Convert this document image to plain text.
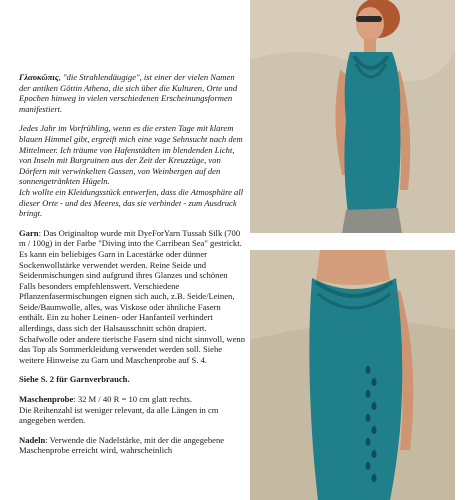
Γλαυκῶπις, "die Strahlendäugige", ist einer der vielen Namen der antiken Göttin Athena, die sich über die Kulturen, Orte und Epochen hinweg in vielen verschiedenen Erscheinungsformen manifestiert.

Jedes Jahr im Vorfrühling, wenn es die ersten Tage mit klarem blauen Himmel gibt, ergreift mich eine vage Sehnsucht nach dem Mittelmeer. Ich träume von Hafenstädten im blendenden Licht, von Inseln mit Burgruinen aus der Zeit der Kreuzzüge, von Dörfern mit verwinkelten Gassen, von Weinbergen auf den sonnengetränkten Hügeln.
Ich wollte ein Kleidungsstück entwerfen, dass die Atmosphäre all dieser Orte - und des Meeres, das sie verbindet - zum Ausdruck bringt.

Garn: Das Originaltop wurde mit DyeForYarn Tussah Silk (700 m / 100g) in der Farbe "Diving into the Carribean Sea" gestrickt.
Es kann ein beliebiges Garn in Lacestärke oder dünner Sockenwollstärke verwendet werden. Reine Seide und Seidenmischungen sind aufgrund ihres Glanzes und schönen Falls besonders empfehlenswert. Verschiedene Pflanzenfasermischungen eignen sich auch, z.B. Seide/Leinen, Seide/Baumwolle, alles, was Viskose oder ähnliche Fasern enthält. Ein zu hoher Leinen- oder Hanfanteil verhindert allerdings, dass sich der Halsausschnitt schön drapiert. Schafwolle oder andere tierische Fasern sind nicht sinnvoll, wenn das Top als Sommerkleidung verwendet werden soll. Siehe weitere Hinweise zu Garn und Maschenprobe auf S. 4.

Siehe S. 2 für Garnverbrauch.

Maschenprobe: 32 M / 40 R = 10 cm glatt rechts.
Die Reihenzahl ist weniger relevant, da alle Längen in cm angegeben werden.

Nadeln: Verwende die Nadelstärke, mit der die angegebene Maschenprobe erreicht wird, wahrscheinlich
